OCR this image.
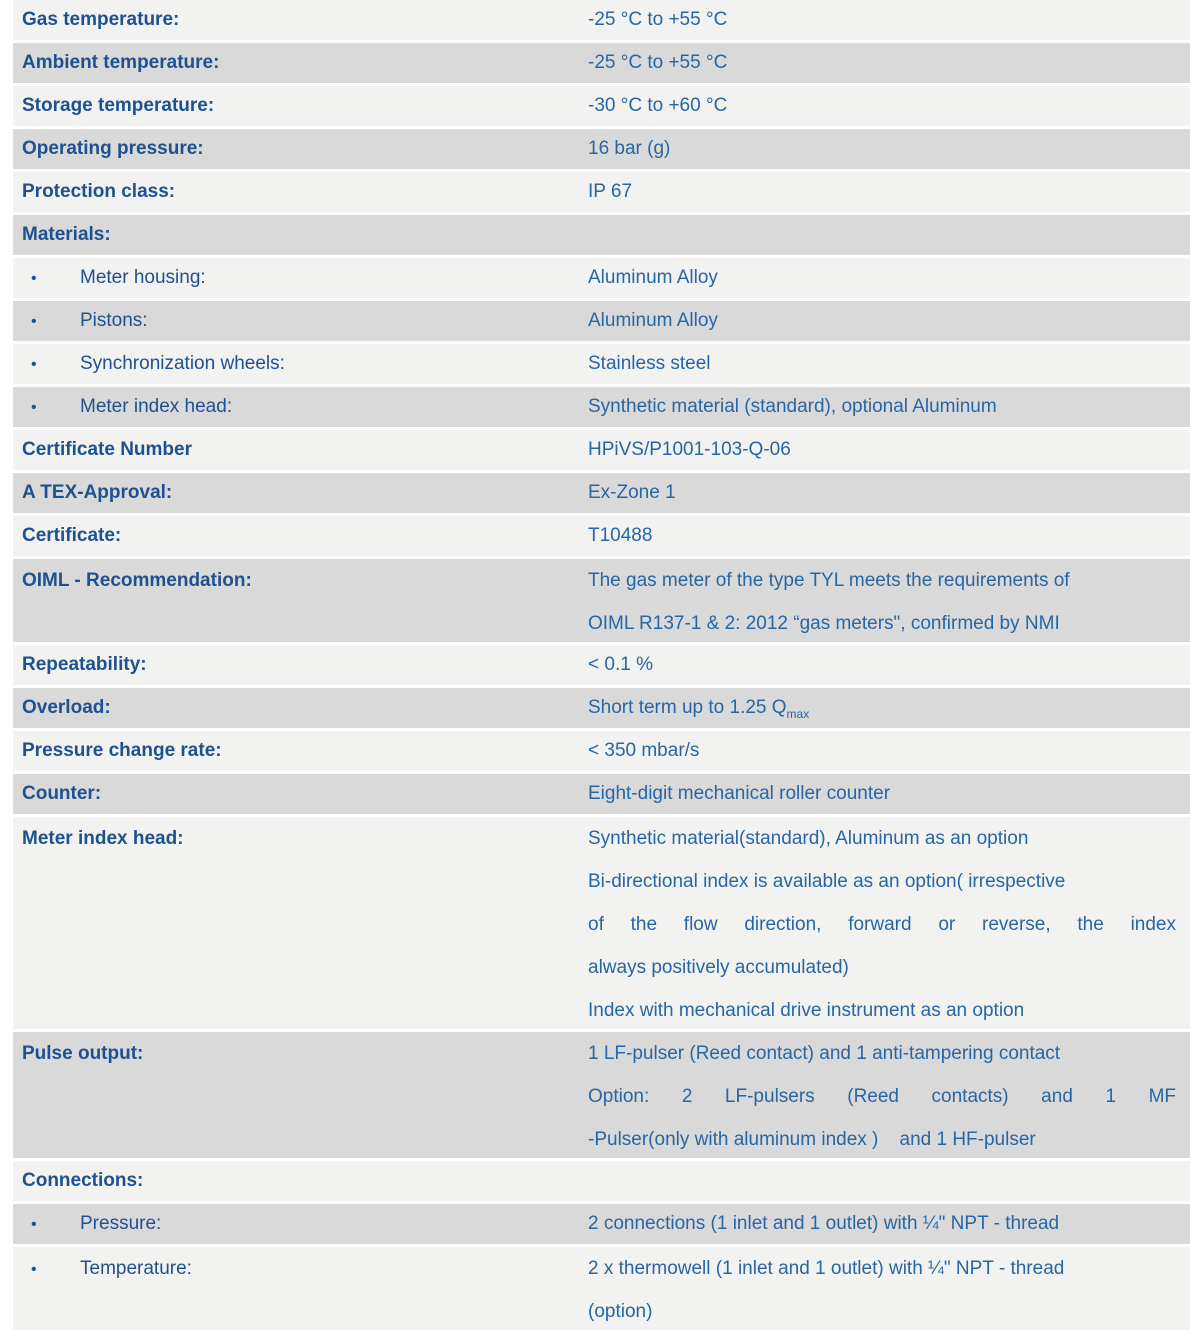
Gas temperature:	-25 °C to +55 °C
Ambient temperature:	-25 °C to +55 °C
Storage temperature:	-30 °C to +60 °C
Operating pressure:	16 bar (g)
Protection class:	IP 67
Materials:
• Meter housing:	Aluminum Alloy
• Pistons:	Aluminum Alloy
• Synchronization wheels:	Stainless steel
• Meter index head:	Synthetic material (standard), optional Aluminum
Certificate Number	HPiVS/P1001-103-Q-06
A TEX-Approval:	Ex-Zone 1
Certificate:	T10488
OIML - Recommendation:	The gas meter of the type TYL meets the requirements of
OIML R137-1 & 2: 2012 “gas meters", confirmed by NMI
Repeatability:	< 0.1 %
Overload:	Short term up to 1.25 $Q_{max}$
Pressure change rate:	< 350 mbar/s
Counter:	Eight-digit mechanical roller counter
Meter index head:	Synthetic material(standard), Aluminum as an option
Bi-directional index is available as an option( irrespective
of the flow direction, forward or reverse, the index
always positively accumulated)
Index with mechanical drive instrument as an option
Pulse output:	1 LF-pulser (Reed contact) and 1 anti-tampering contact
Option: 2 LF-pulsers (Reed contacts) and 1 MF
-Pulser(only with aluminum index )    and 1 HF-pulser
Connections:
• Pressure:	2 connections (1 inlet and 1 outlet) with ¼" NPT - thread
• Temperature:	2 x thermowell (1 inlet and 1 outlet) with ¼" NPT - thread
(option)
